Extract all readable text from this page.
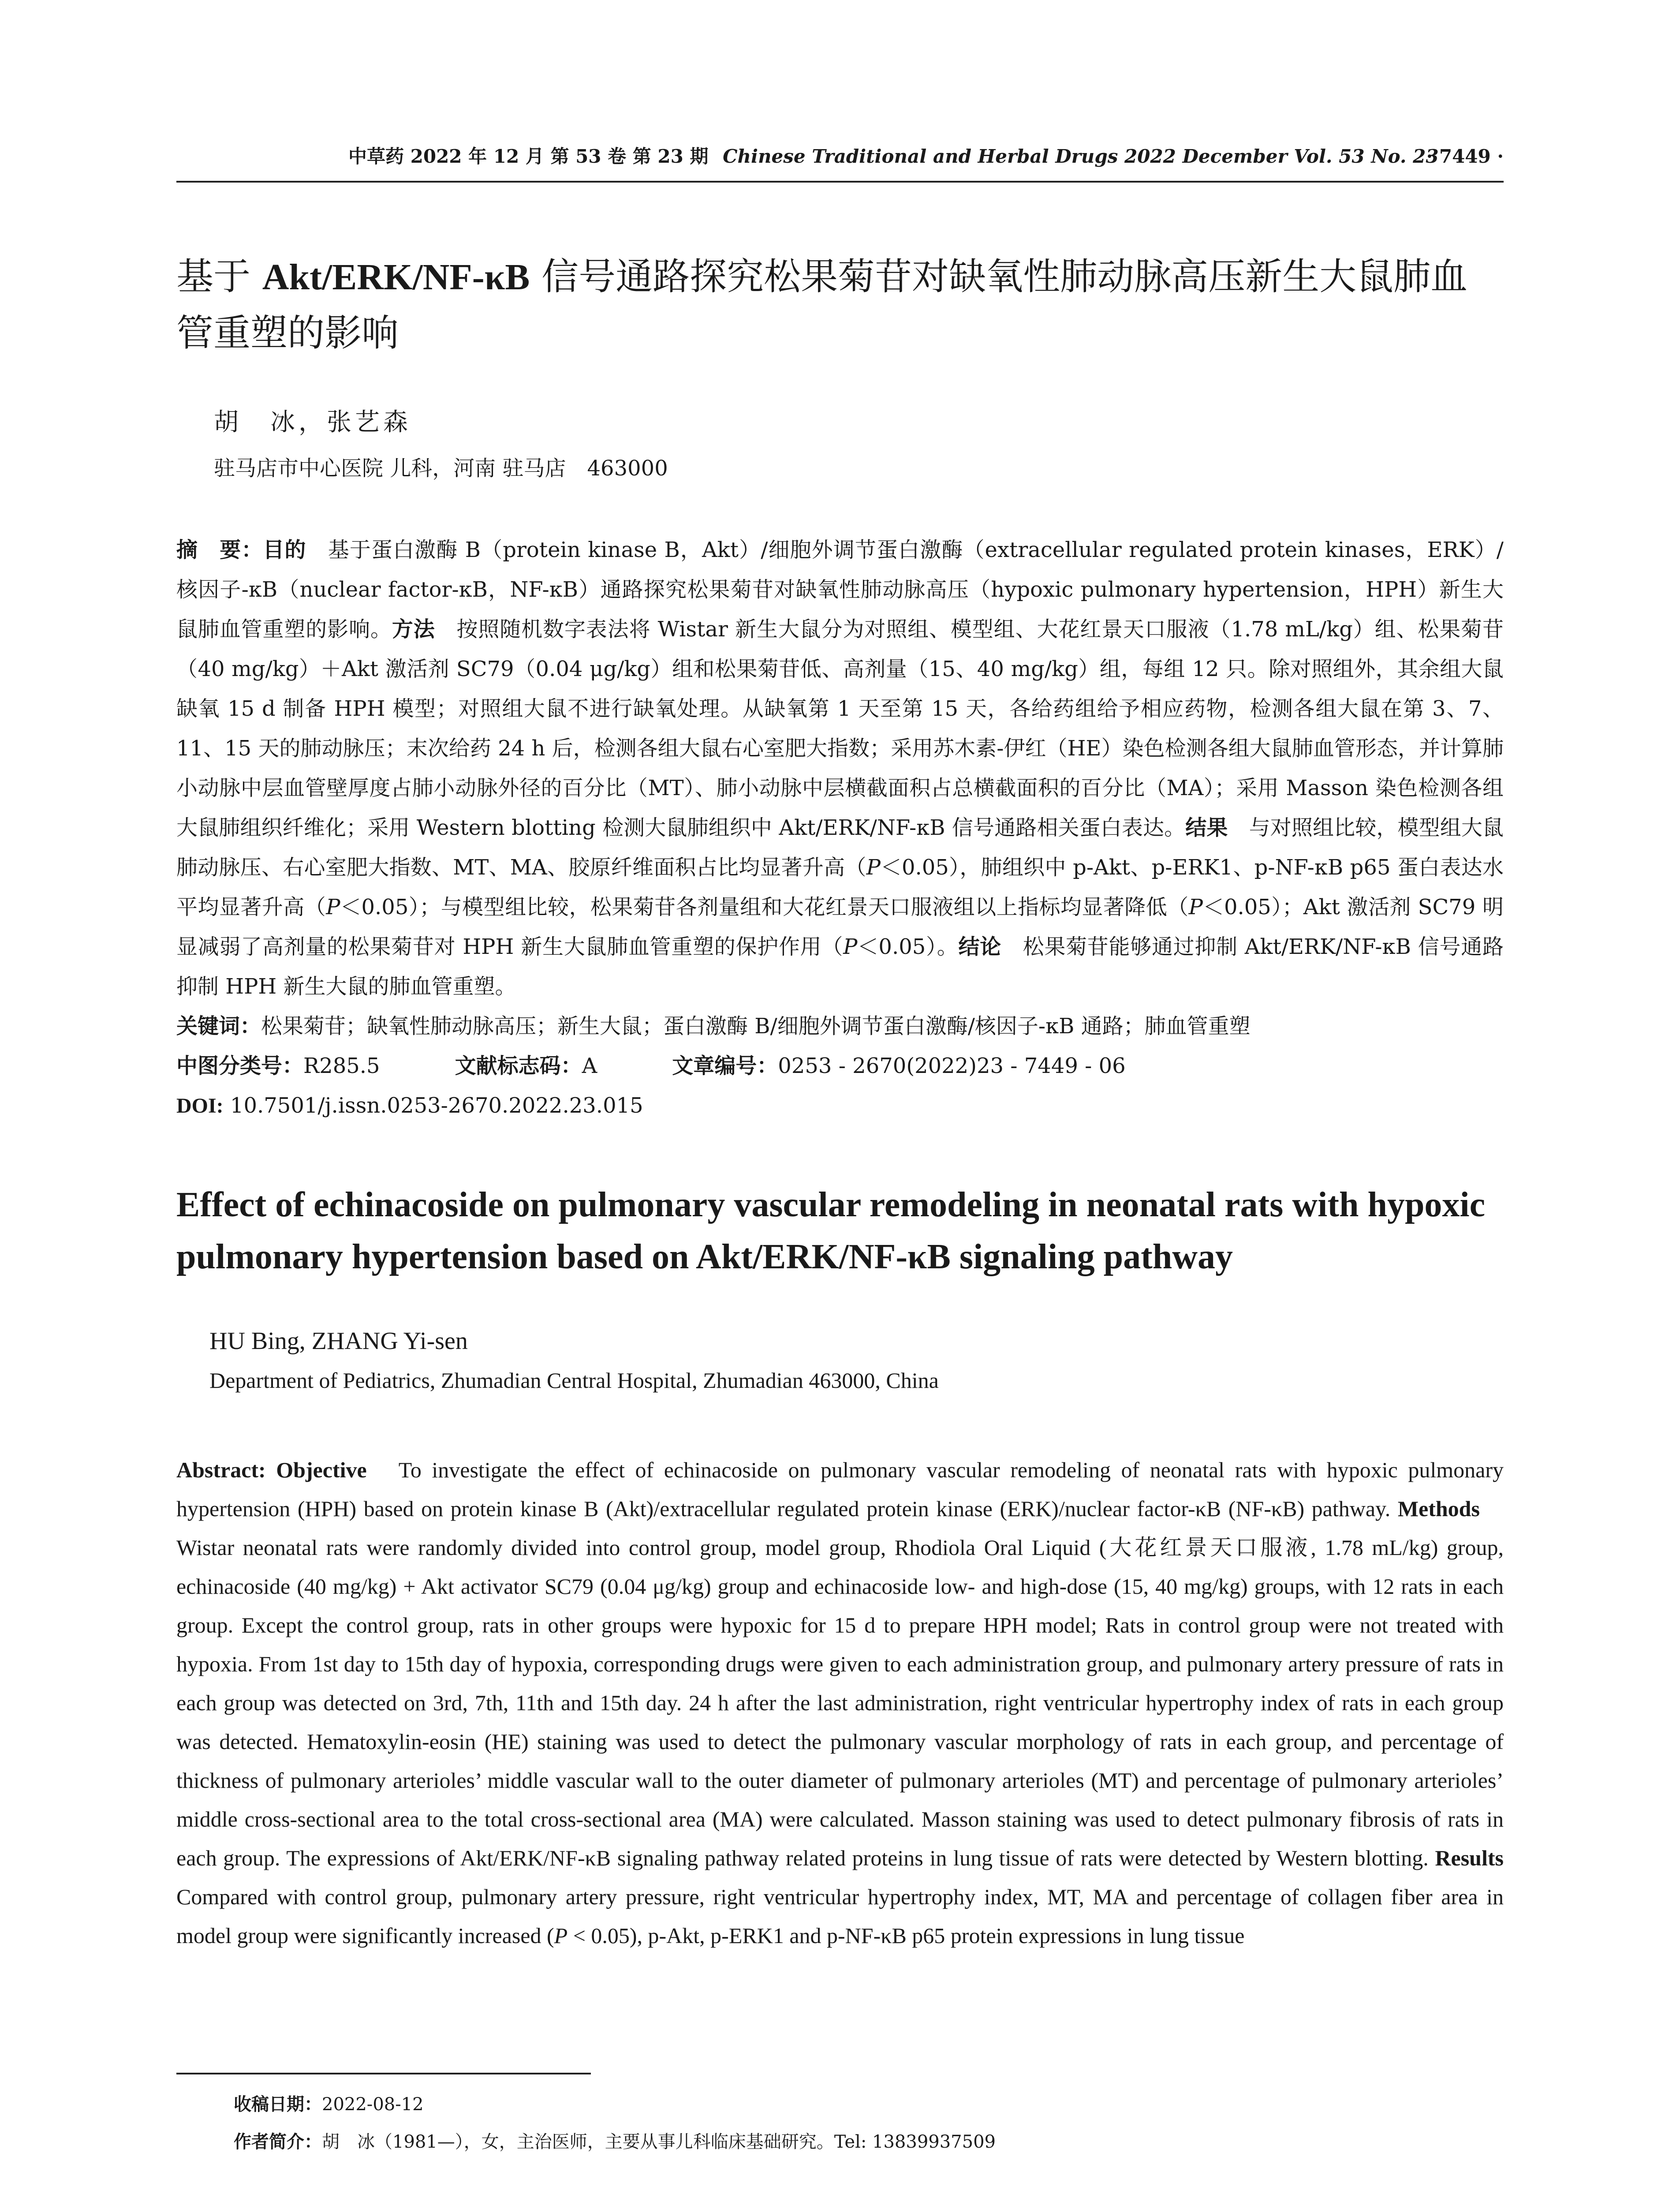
中草药 2022 年 12 月 第 53 卷 第 23 期 Chinese Traditional and Herbal Drugs 2022 December Vol. 53 No. 23
· 7449 ·
基于 Akt/ERK/NF-κB 信号通路探究松果菊苷对缺氧性肺动脉高压新生大鼠肺血管重塑的影响
胡　冰，张艺森
驻马店市中心医院 儿科，河南 驻马店　463000
摘　要：目的　基于蛋白激酶 B（protein kinase B，Akt）/细胞外调节蛋白激酶（extracellular regulated protein kinases，ERK）/核因子-κB（nuclear factor-κB，NF-κB）通路探究松果菊苷对缺氧性肺动脉高压（hypoxic pulmonary hypertension，HPH）新生大鼠肺血管重塑的影响。方法　按照随机数字表法将 Wistar 新生大鼠分为对照组、模型组、大花红景天口服液（1.78 mL/kg）组、松果菊苷（40 mg/kg）＋Akt 激活剂 SC79（0.04 μg/kg）组和松果菊苷低、高剂量（15、40 mg/kg）组，每组 12 只。除对照组外，其余组大鼠缺氧 15 d 制备 HPH 模型；对照组大鼠不进行缺氧处理。从缺氧第 1 天至第 15 天，各给药组给予相应药物，检测各组大鼠在第 3、7、11、15 天的肺动脉压；末次给药 24 h 后，检测各组大鼠右心室肥大指数；采用苏木素-伊红（HE）染色检测各组大鼠肺血管形态，并计算肺小动脉中层血管壁厚度占肺小动脉外径的百分比（MT）、肺小动脉中层横截面积占总横截面积的百分比（MA）；采用 Masson 染色检测各组大鼠肺组织纤维化；采用 Western blotting 检测大鼠肺组织中 Akt/ERK/NF-κB 信号通路相关蛋白表达。结果　与对照组比较，模型组大鼠肺动脉压、右心室肥大指数、MT、MA、胶原纤维面积占比均显著升高（P＜0.05），肺组织中 p-Akt、p-ERK1、p-NF-κB p65 蛋白表达水平均显著升高（P＜0.05）；与模型组比较，松果菊苷各剂量组和大花红景天口服液组以上指标均显著降低（P＜0.05）；Akt 激活剂 SC79 明显减弱了高剂量的松果菊苷对 HPH 新生大鼠肺血管重塑的保护作用（P＜0.05）。结论　松果菊苷能够通过抑制 Akt/ERK/NF-κB 信号通路抑制 HPH 新生大鼠的肺血管重塑。
关键词：松果菊苷；缺氧性肺动脉高压；新生大鼠；蛋白激酶 B/细胞外调节蛋白激酶/核因子-κB 通路；肺血管重塑
中图分类号：R285.5	文献标志码：A	文章编号：0253 - 2670(2022)23 - 7449 - 06
DOI: 10.7501/j.issn.0253-2670.2022.23.015
Effect of echinacoside on pulmonary vascular remodeling in neonatal rats with hypoxic pulmonary hypertension based on Akt/ERK/NF-κB signaling pathway
HU Bing, ZHANG Yi-sen
Department of Pediatrics, Zhumadian Central Hospital, Zhumadian 463000, China
Abstract: Objective　To investigate the effect of echinacoside on pulmonary vascular remodeling of neonatal rats with hypoxic pulmonary hypertension (HPH) based on protein kinase B (Akt)/extracellular regulated protein kinase (ERK)/nuclear factor-κB (NF-κB) pathway. Methods　Wistar neonatal rats were randomly divided into control group, model group, Rhodiola Oral Liquid (大花红景天口服液, 1.78 mL/kg) group, echinacoside (40 mg/kg) + Akt activator SC79 (0.04 μg/kg) group and echinacoside low- and high-dose (15, 40 mg/kg) groups, with 12 rats in each group. Except the control group, rats in other groups were hypoxic for 15 d to prepare HPH model; Rats in control group were not treated with hypoxia. From 1st day to 15th day of hypoxia, corresponding drugs were given to each administration group, and pulmonary artery pressure of rats in each group was detected on 3rd, 7th, 11th and 15th day. 24 h after the last administration, right ventricular hypertrophy index of rats in each group was detected. Hematoxylin-eosin (HE) staining was used to detect the pulmonary vascular morphology of rats in each group, and percentage of thickness of pulmonary arterioles’ middle vascular wall to the outer diameter of pulmonary arterioles (MT) and percentage of pulmonary arterioles’ middle cross-sectional area to the total cross-sectional area (MA) were calculated. Masson staining was used to detect pulmonary fibrosis of rats in each group. The expressions of Akt/ERK/NF-κB signaling pathway related proteins in lung tissue of rats were detected by Western blotting. Results Compared with control group, pulmonary artery pressure, right ventricular hypertrophy index, MT, MA and percentage of collagen fiber area in model group were significantly increased (P < 0.05), p-Akt, p-ERK1 and p-NF-κB p65 protein expressions in lung tissue
收稿日期：2022-08-12
作者简介：胡　冰（1981—），女，主治医师，主要从事儿科临床基础研究。Tel: 13839937509
